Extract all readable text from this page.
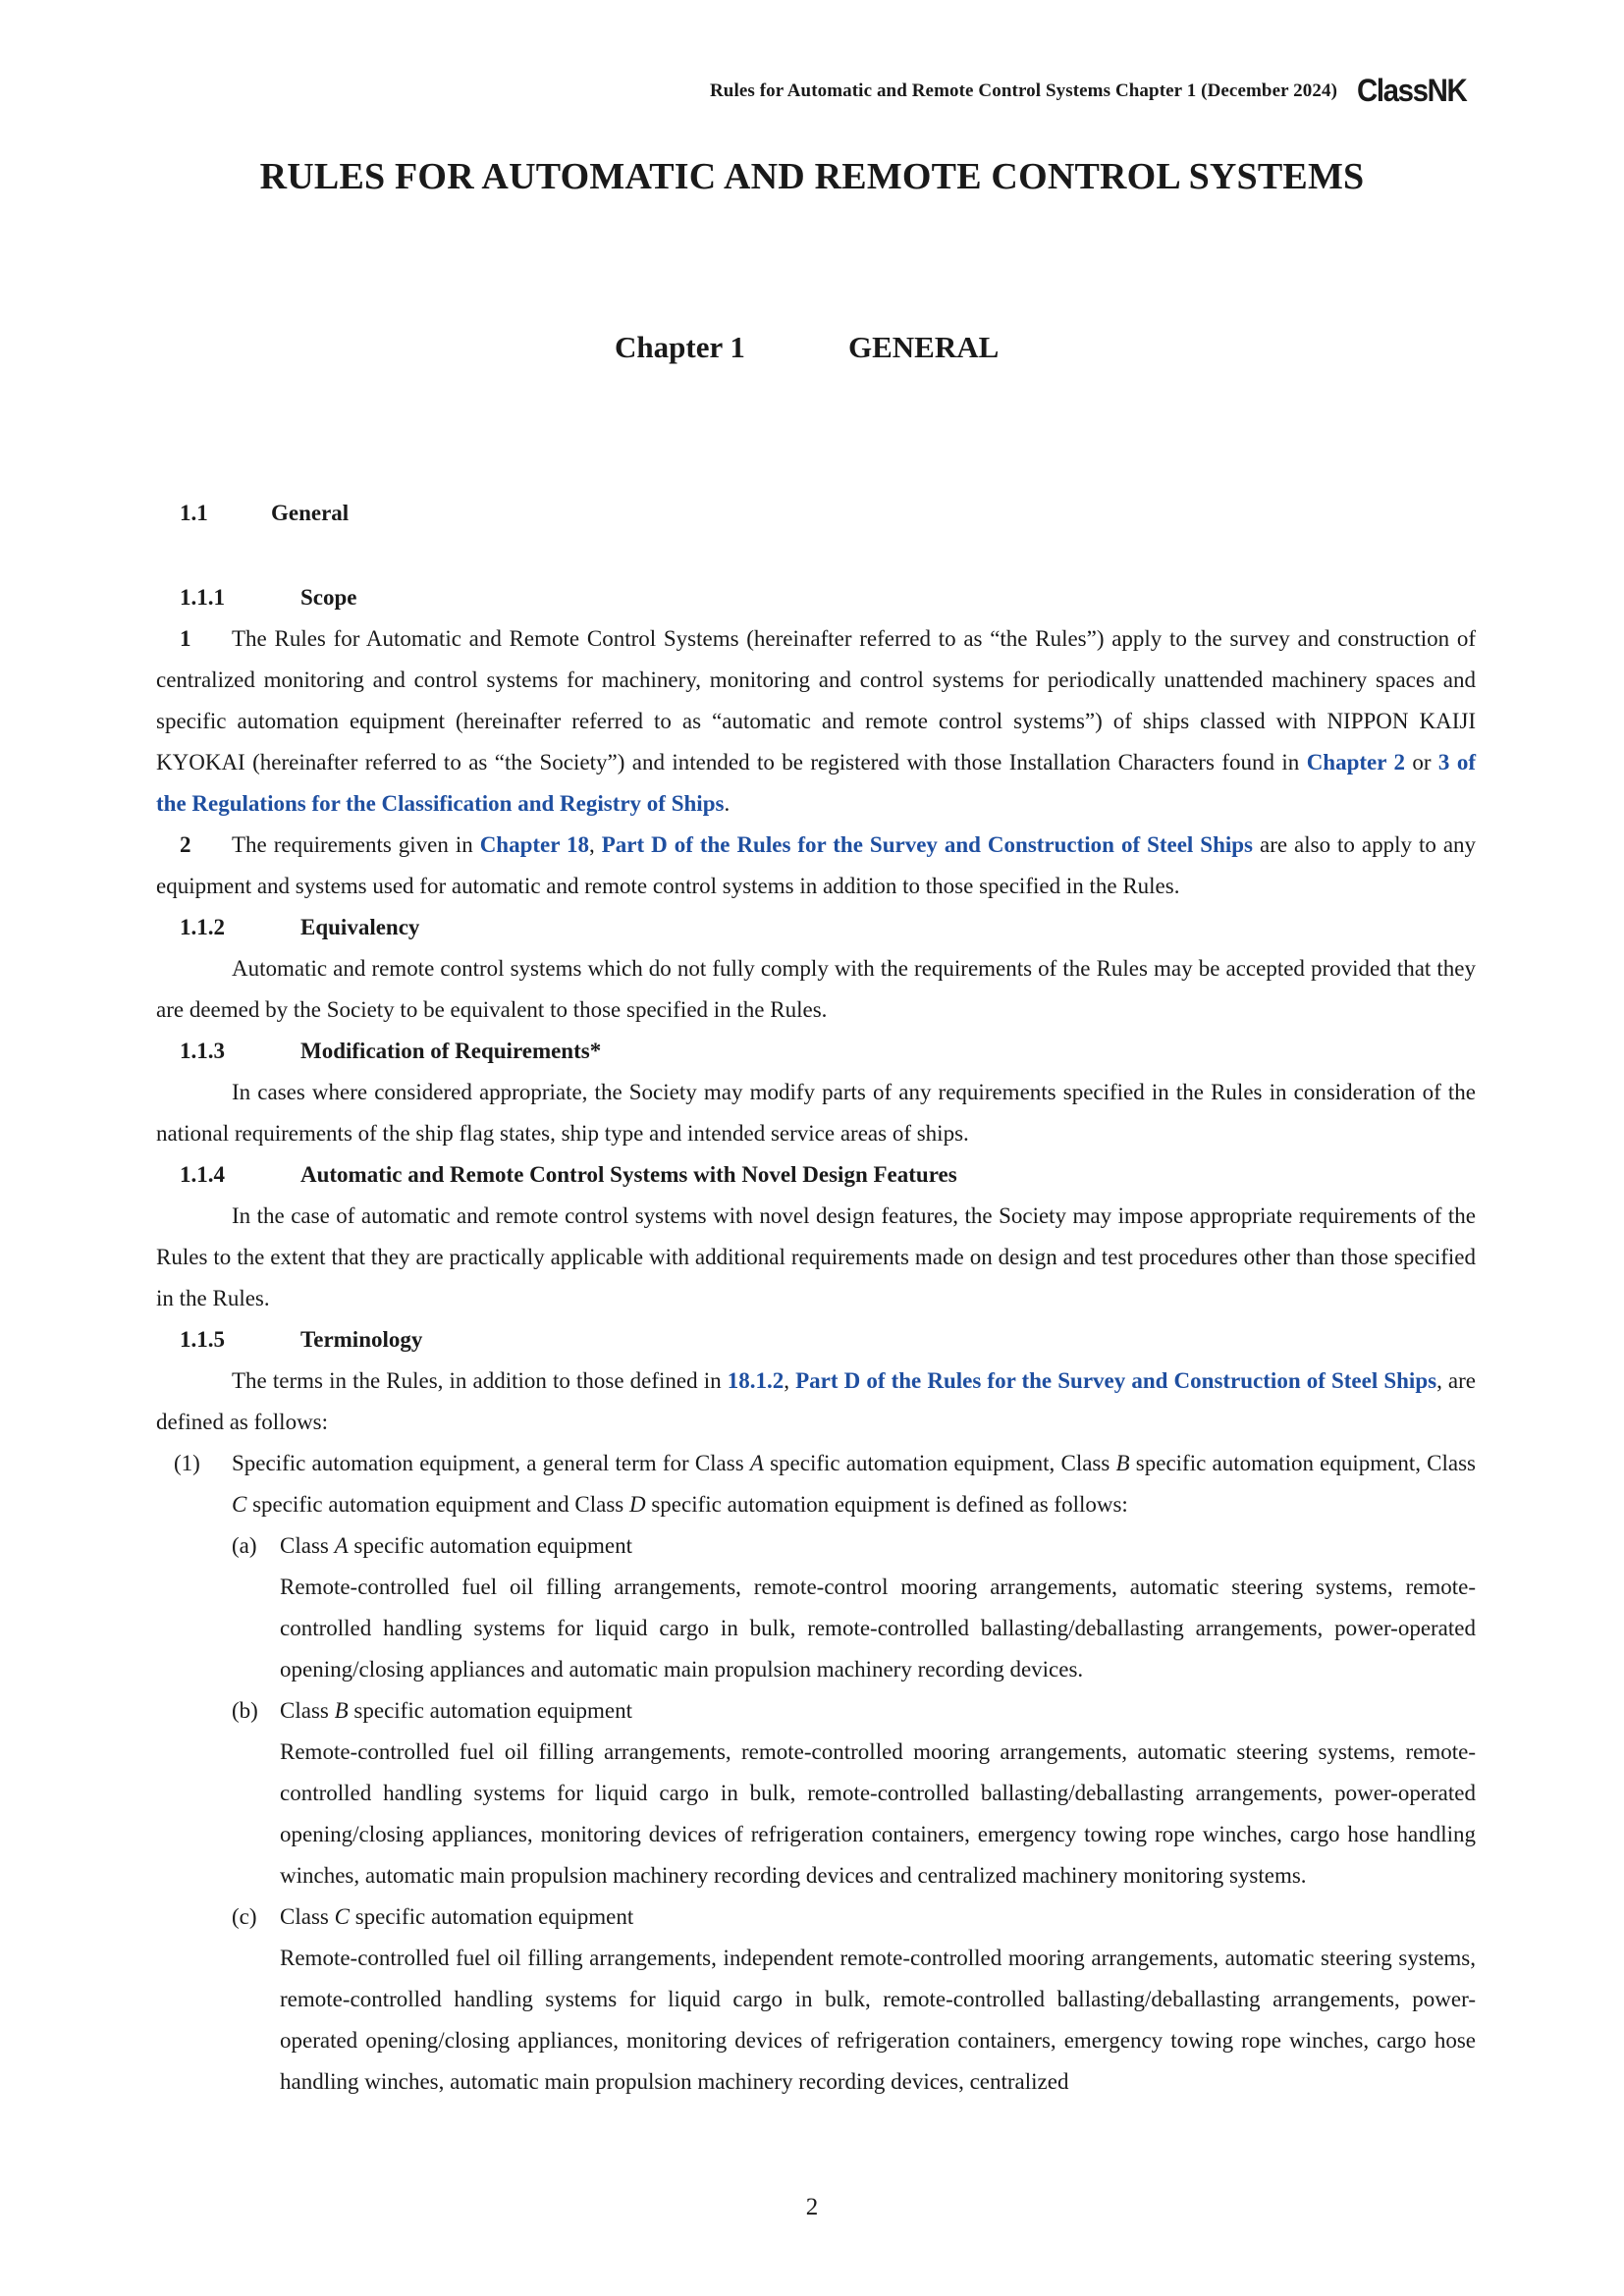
Rules for Automatic and Remote Control Systems Chapter 1 (December 2024) ClassNK
RULES FOR AUTOMATIC AND REMOTE CONTROL SYSTEMS
Chapter 1	GENERAL
1.1	General
1.1.1	Scope

1 The Rules for Automatic and Remote Control Systems (hereinafter referred to as “the Rules”) apply to the survey and construction of centralized monitoring and control systems for machinery, monitoring and control systems for periodically unattended machinery spaces and specific automation equipment (hereinafter referred to as “automatic and remote control systems”) of ships classed with NIPPON KAIJI KYOKAI (hereinafter referred to as “the Society”) and intended to be registered with those Installation Characters found in Chapter 2 or 3 of the Regulations for the Classification and Registry of Ships.

2 The requirements given in Chapter 18, Part D of the Rules for the Survey and Construction of Steel Ships are also to apply to any equipment and systems used for automatic and remote control systems in addition to those specified in the Rules.

1.1.2	Equivalency

Automatic and remote control systems which do not fully comply with the requirements of the Rules may be accepted provided that they are deemed by the Society to be equivalent to those specified in the Rules.

1.1.3	Modification of Requirements*

In cases where considered appropriate, the Society may modify parts of any requirements specified in the Rules in consideration of the national requirements of the ship flag states, ship type and intended service areas of ships.

1.1.4	Automatic and Remote Control Systems with Novel Design Features

In the case of automatic and remote control systems with novel design features, the Society may impose appropriate requirements of the Rules to the extent that they are practically applicable with additional requirements made on design and test procedures other than those specified in the Rules.

1.1.5	Terminology

The terms in the Rules, in addition to those defined in 18.1.2, Part D of the Rules for the Survey and Construction of Steel Ships, are defined as follows:

(1) Specific automation equipment, a general term for Class A specific automation equipment, Class B specific automation equipment, Class C specific automation equipment and Class D specific automation equipment is defined as follows:

(a) Class A specific automation equipment

Remote-controlled fuel oil filling arrangements, remote-control mooring arrangements, automatic steering systems, remote-controlled handling systems for liquid cargo in bulk, remote-controlled ballasting/deballasting arrangements, power-operated opening/closing appliances and automatic main propulsion machinery recording devices.

(b) Class B specific automation equipment

Remote-controlled fuel oil filling arrangements, remote-controlled mooring arrangements, automatic steering systems, remote-controlled handling systems for liquid cargo in bulk, remote-controlled ballasting/deballasting arrangements, power-operated opening/closing appliances, monitoring devices of refrigeration containers, emergency towing rope winches, cargo hose handling winches, automatic main propulsion machinery recording devices and centralized machinery monitoring systems.

(c) Class C specific automation equipment

Remote-controlled fuel oil filling arrangements, independent remote-controlled mooring arrangements, automatic steering systems, remote-controlled handling systems for liquid cargo in bulk, remote-controlled ballasting/deballasting arrangements, power-operated opening/closing appliances, monitoring devices of refrigeration containers, emergency towing rope winches, cargo hose handling winches, automatic main propulsion machinery recording devices, centralized

2
